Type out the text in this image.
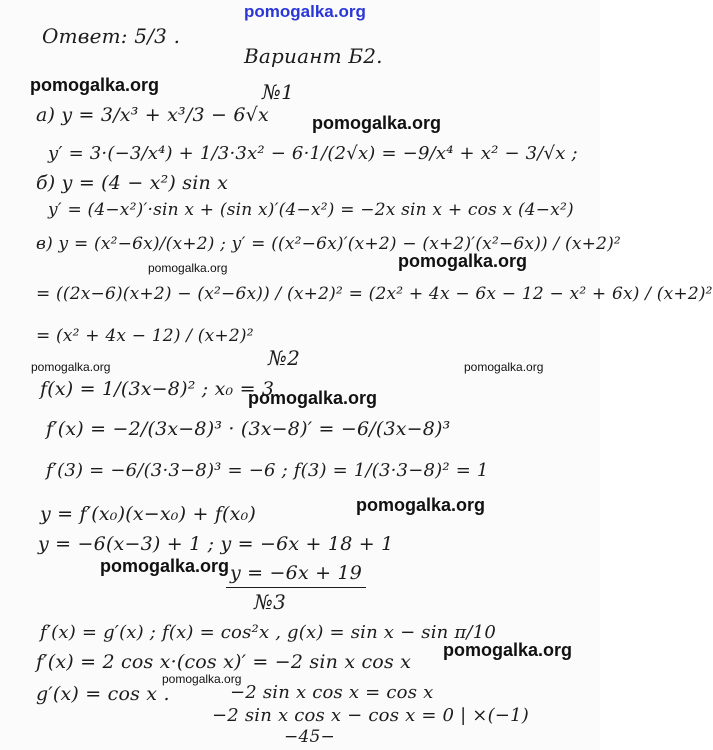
pomogalka.org
pomogalka.org
pomogalka.org
pomogalka.org	pomogalka.org
pomogalka.org	pomogalka.org
pomogalka.org
pomogalka.org
pomogalka.org
pomogalka.org
pomogalka.org
Ответ: 5/3 .
Вариант Б2.
№1
а) y = 3/x³ + x³/3 − 6√x
y′ = 3·(−3/x⁴) + 1/3·3x² − 6·1/(2√x) = −9/x⁴ + x² − 3/√x ;
б) y = (4 − x²) sin x
y′ = (4−x²)′·sin x + (sin x)′(4−x²) = −2x sin x + cos x (4−x²)
в) y = (x²−6x)/(x+2) ; y′ = ((x²−6x)′(x+2) − (x+2)′(x²−6x)) / (x+2)²
= ((2x−6)(x+2) − (x²−6x)) / (x+2)² = (2x² + 4x − 6x − 12 − x² + 6x) / (x+2)²
= (x² + 4x − 12) / (x+2)²
№2
f(x) = 1/(3x−8)² ; x₀ = 3
f′(x) = −2/(3x−8)³ · (3x−8)′ = −6/(3x−8)³
f′(3) = −6/(3·3−8)³ = −6 ; f(3) = 1/(3·3−8)² = 1
y = f′(x₀)(x−x₀) + f(x₀)
y = −6(x−3) + 1 ; y = −6x + 18 + 1
y = −6x + 19
№3
f′(x) = g′(x) ; f(x) = cos²x , g(x) = sin x − sin π/10
f′(x) = 2 cos x·(cos x)′ = −2 sin x cos x
g′(x) = cos x .	−2 sin x cos x = cos x
−2 sin x cos x − cos x = 0 | ×(−1)
−45−
